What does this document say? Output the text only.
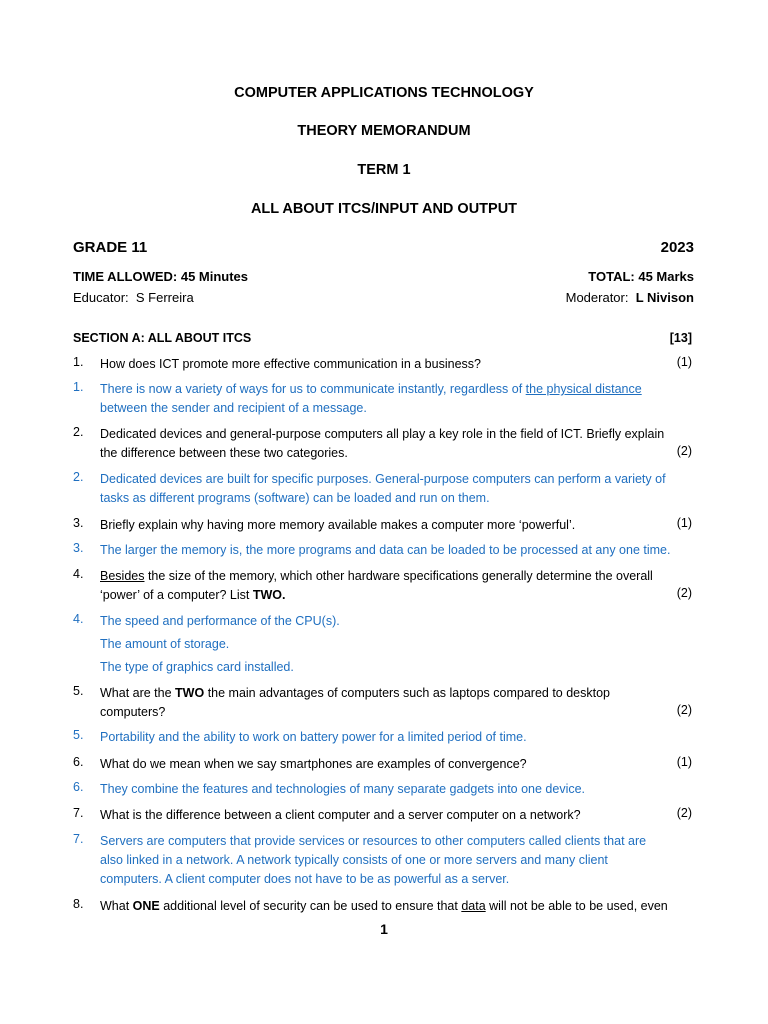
COMPUTER APPLICATIONS TECHNOLOGY
THEORY MEMORANDUM
TERM 1
ALL ABOUT ITCS/INPUT AND OUTPUT
GRADE 11	2023
TIME ALLOWED: 45 Minutes	TOTAL: 45 Marks
Educator: S Ferreira	Moderator: L Nivison
SECTION A: ALL ABOUT ITCS	[13]
1.	How does ICT promote more effective communication in a business?	(1)
1.	There is now a variety of ways for us to communicate instantly, regardless of the physical distance
between the sender and recipient of a message.
2.	Dedicated devices and general-purpose computers all play a key role in the field of ICT. Briefly explain
the difference between these two categories.	(2)
2.	Dedicated devices are built for specific purposes. General-purpose computers can perform a variety of
tasks as different programs (software) can be loaded and run on them.
3.	Briefly explain why having more memory available makes a computer more ‘powerful’.	(1)
3.	The larger the memory is, the more programs and data can be loaded to be processed at any one time.
4.	Besides the size of the memory, which other hardware specifications generally determine the overall
‘power’ of a computer? List TWO.	(2)
4.	The speed and performance of the CPU(s).
The amount of storage.
The type of graphics card installed.
5.	What are the TWO the main advantages of computers such as laptops compared to desktop
computers?	(2)
5.	Portability and the ability to work on battery power for a limited period of time.
6.	What do we mean when we say smartphones are examples of convergence?	(1)
6.	They combine the features and technologies of many separate gadgets into one device.
7.	What is the difference between a client computer and a server computer on a network?	(2)
7.	Servers are computers that provide services or resources to other computers called clients that are
also linked in a network. A network typically consists of one or more servers and many client
computers. A client computer does not have to be as powerful as a server.
8.	What ONE additional level of security can be used to ensure that data will not be able to be used, even
1
